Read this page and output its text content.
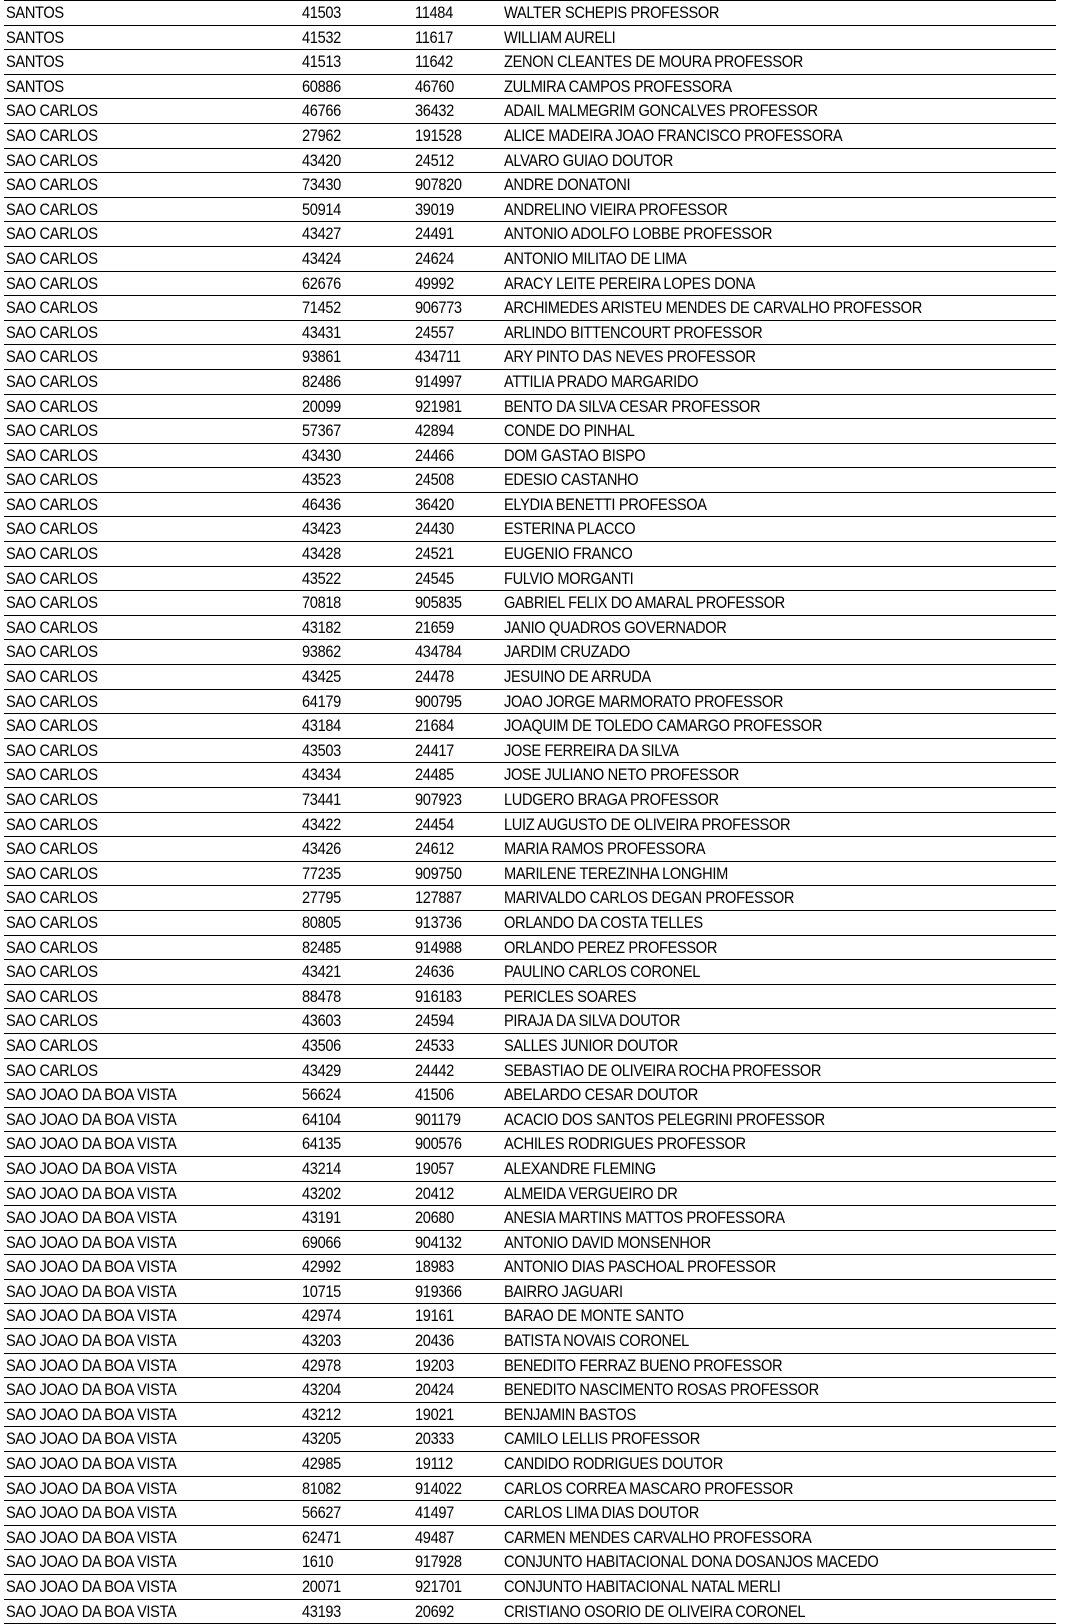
SANTOS	41503	11484	WALTER SCHEPIS PROFESSOR
SANTOS	41532	11617	WILLIAM AURELI
SANTOS	41513	11642	ZENON CLEANTES DE MOURA PROFESSOR
SANTOS	60886	46760	ZULMIRA CAMPOS PROFESSORA
SAO CARLOS	46766	36432	ADAIL MALMEGRIM GONCALVES PROFESSOR
SAO CARLOS	27962	191528	ALICE MADEIRA JOAO FRANCISCO PROFESSORA
SAO CARLOS	43420	24512	ALVARO GUIAO DOUTOR
SAO CARLOS	73430	907820	ANDRE DONATONI
SAO CARLOS	50914	39019	ANDRELINO VIEIRA PROFESSOR
SAO CARLOS	43427	24491	ANTONIO ADOLFO LOBBE PROFESSOR
SAO CARLOS	43424	24624	ANTONIO MILITAO DE LIMA
SAO CARLOS	62676	49992	ARACY LEITE PEREIRA LOPES DONA
SAO CARLOS	71452	906773	ARCHIMEDES ARISTEU MENDES DE CARVALHO PROFESSOR
SAO CARLOS	43431	24557	ARLINDO BITTENCOURT PROFESSOR
SAO CARLOS	93861	434711	ARY PINTO DAS NEVES PROFESSOR
SAO CARLOS	82486	914997	ATTILIA PRADO MARGARIDO
SAO CARLOS	20099	921981	BENTO DA SILVA CESAR PROFESSOR
SAO CARLOS	57367	42894	CONDE DO PINHAL
SAO CARLOS	43430	24466	DOM GASTAO BISPO
SAO CARLOS	43523	24508	EDESIO CASTANHO
SAO CARLOS	46436	36420	ELYDIA BENETTI PROFESSOA
SAO CARLOS	43423	24430	ESTERINA PLACCO
SAO CARLOS	43428	24521	EUGENIO FRANCO
SAO CARLOS	43522	24545	FULVIO MORGANTI
SAO CARLOS	70818	905835	GABRIEL FELIX DO AMARAL PROFESSOR
SAO CARLOS	43182	21659	JANIO QUADROS GOVERNADOR
SAO CARLOS	93862	434784	JARDIM CRUZADO
SAO CARLOS	43425	24478	JESUINO DE ARRUDA
SAO CARLOS	64179	900795	JOAO JORGE MARMORATO PROFESSOR
SAO CARLOS	43184	21684	JOAQUIM DE TOLEDO CAMARGO PROFESSOR
SAO CARLOS	43503	24417	JOSE FERREIRA DA SILVA
SAO CARLOS	43434	24485	JOSE JULIANO NETO PROFESSOR
SAO CARLOS	73441	907923	LUDGERO BRAGA PROFESSOR
SAO CARLOS	43422	24454	LUIZ AUGUSTO DE OLIVEIRA PROFESSOR
SAO CARLOS	43426	24612	MARIA RAMOS PROFESSORA
SAO CARLOS	77235	909750	MARILENE TEREZINHA LONGHIM
SAO CARLOS	27795	127887	MARIVALDO CARLOS DEGAN PROFESSOR
SAO CARLOS	80805	913736	ORLANDO DA COSTA TELLES
SAO CARLOS	82485	914988	ORLANDO PEREZ PROFESSOR
SAO CARLOS	43421	24636	PAULINO CARLOS CORONEL
SAO CARLOS	88478	916183	PERICLES SOARES
SAO CARLOS	43603	24594	PIRAJA DA SILVA DOUTOR
SAO CARLOS	43506	24533	SALLES JUNIOR DOUTOR
SAO CARLOS	43429	24442	SEBASTIAO DE OLIVEIRA ROCHA PROFESSOR
SAO JOAO DA BOA VISTA	56624	41506	ABELARDO CESAR DOUTOR
SAO JOAO DA BOA VISTA	64104	901179	ACACIO DOS SANTOS PELEGRINI PROFESSOR
SAO JOAO DA BOA VISTA	64135	900576	ACHILES RODRIGUES PROFESSOR
SAO JOAO DA BOA VISTA	43214	19057	ALEXANDRE FLEMING
SAO JOAO DA BOA VISTA	43202	20412	ALMEIDA VERGUEIRO DR
SAO JOAO DA BOA VISTA	43191	20680	ANESIA MARTINS MATTOS PROFESSORA
SAO JOAO DA BOA VISTA	69066	904132	ANTONIO DAVID MONSENHOR
SAO JOAO DA BOA VISTA	42992	18983	ANTONIO DIAS PASCHOAL PROFESSOR
SAO JOAO DA BOA VISTA	10715	919366	BAIRRO JAGUARI
SAO JOAO DA BOA VISTA	42974	19161	BARAO DE MONTE SANTO
SAO JOAO DA BOA VISTA	43203	20436	BATISTA NOVAIS CORONEL
SAO JOAO DA BOA VISTA	42978	19203	BENEDITO FERRAZ BUENO PROFESSOR
SAO JOAO DA BOA VISTA	43204	20424	BENEDITO NASCIMENTO ROSAS PROFESSOR
SAO JOAO DA BOA VISTA	43212	19021	BENJAMIN BASTOS
SAO JOAO DA BOA VISTA	43205	20333	CAMILO LELLIS PROFESSOR
SAO JOAO DA BOA VISTA	42985	19112	CANDIDO RODRIGUES DOUTOR
SAO JOAO DA BOA VISTA	81082	914022	CARLOS CORREA MASCARO PROFESSOR
SAO JOAO DA BOA VISTA	56627	41497	CARLOS LIMA DIAS DOUTOR
SAO JOAO DA BOA VISTA	62471	49487	CARMEN MENDES CARVALHO PROFESSORA
SAO JOAO DA BOA VISTA	1610	917928	CONJUNTO HABITACIONAL DONA DOSANJOS MACEDO
SAO JOAO DA BOA VISTA	20071	921701	CONJUNTO HABITACIONAL NATAL MERLI
SAO JOAO DA BOA VISTA	43193	20692	CRISTIANO OSORIO DE OLIVEIRA CORONEL
